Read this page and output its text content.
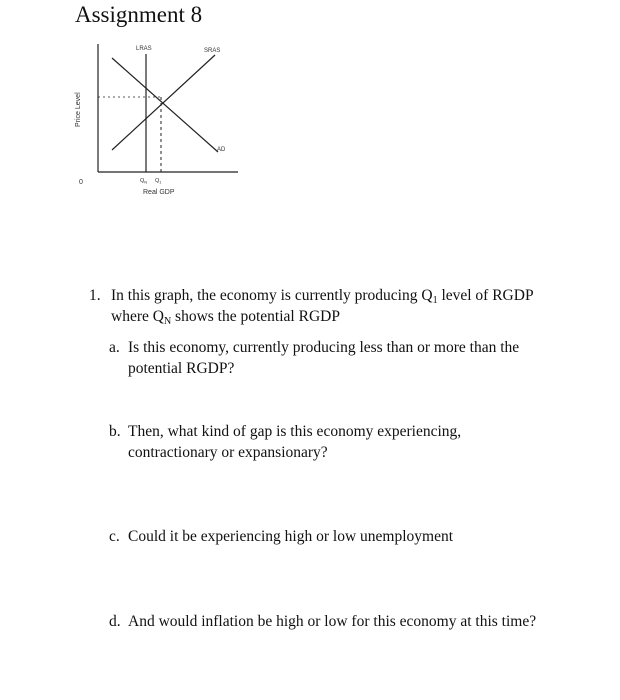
Assignment 8
LRAS	SRAS
AD
Price Level
0
Real GDP
$Q_N$ $Q_1$
1. In this graph, the economy is currently producing $Q_1$ level of RGDP where $Q_N$ shows the potential RGDP
a. Is this economy, currently producing less than or more than the potential RGDP?
b. Then, what kind of gap is this economy experiencing, contractionary or expansionary?
c. Could it be experiencing high or low unemployment
d. And would inflation be high or low for this economy at this time?
